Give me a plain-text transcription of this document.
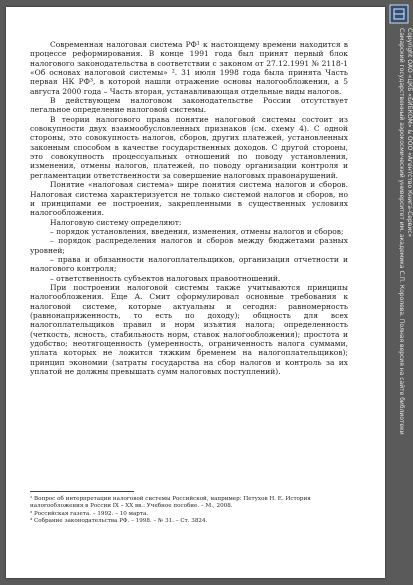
Современная налоговая система РФ¹ к настоящему времени находится в процессе реформирования. В конце 1991 года был принят первый блок налогового законодательства в соответствии с законом от 27.12.1991 № 2118-1 «Об основах налоговой системы» ². 31 июля 1998 года была принята Часть первая НК РФ³, в которой нашли отражение основы налогообложения, а 5 августа 2000 года – Часть вторая, устанавливающая отдельные виды налогов.

В действующем налоговом законодательстве России отсутствует легальное определение налоговой системы.

В теории налогового права понятие налоговой системы состоит из совокупности двух взаимообусловленных признаков (см. схему 4). С одной стороны, это совокупность налогов, сборов, других платежей, установленных законным способом в качестве государственных доходов. С другой стороны, это совокупность процессуальных отношений по поводу установления, изменения, отмены налогов, платежей, по поводу организации контроля и регламентации ответственности за совершение налоговых правонарушений.

Понятие «налоговая система» шире понятия система налогов и сборов. Налоговая система характеризуется не только системой налогов и сборов, но и принципами ее построения, закрепленными в существенных условиях налогообложения.

Налоговую систему определяют:

– порядок установления, введения, изменения, отмены налогов и сборов;

– порядок распределения налогов и сборов между бюджетами разных уровней;

– права и обязанности налогоплательщиков, организация отчетности и налогового контроля;

– ответственность субъектов налоговых правоотношений.

При построении налоговой системы также учитываются принципы налогообложения. Еще А. Смит сформулировал основные требования к налоговой системе, которые актуальны и сегодня: равномерность (равнонапряженность, то есть по доходу); общность для всех налогоплательщиков правил и норм изъятия налога; определенность (четкость, ясность, стабильность норм, ставок налогообложения); простота и удобство; неотягощенность (умеренность, ограниченность налога суммами, уплата которых не ложится тяжким бременем на налогоплательщиков); принцип экономии (затраты государства на сбор налогов и контроль за их уплатой не должны превышать сумм налоговых поступлений).

¹ Вопрос об интерпретации налоговой системы Российской, например: Петухов Н. Е. История налогообложения в России IX – XX вв.: Учебное пособие. – М., 2008.
² Российская газета. – 1992. – 10 марта.
³ Собрание законодательства РФ. – 1998. – № 31. – Ст. 3824.
Copyright ОАО «ЦКБ «БИБКОМ» & ООО «Aгентство Книга-Сервис»
Самарский государственный аэрокосмический университет им. академика С.П. Королева. Полная версия на сайте библиотеки
